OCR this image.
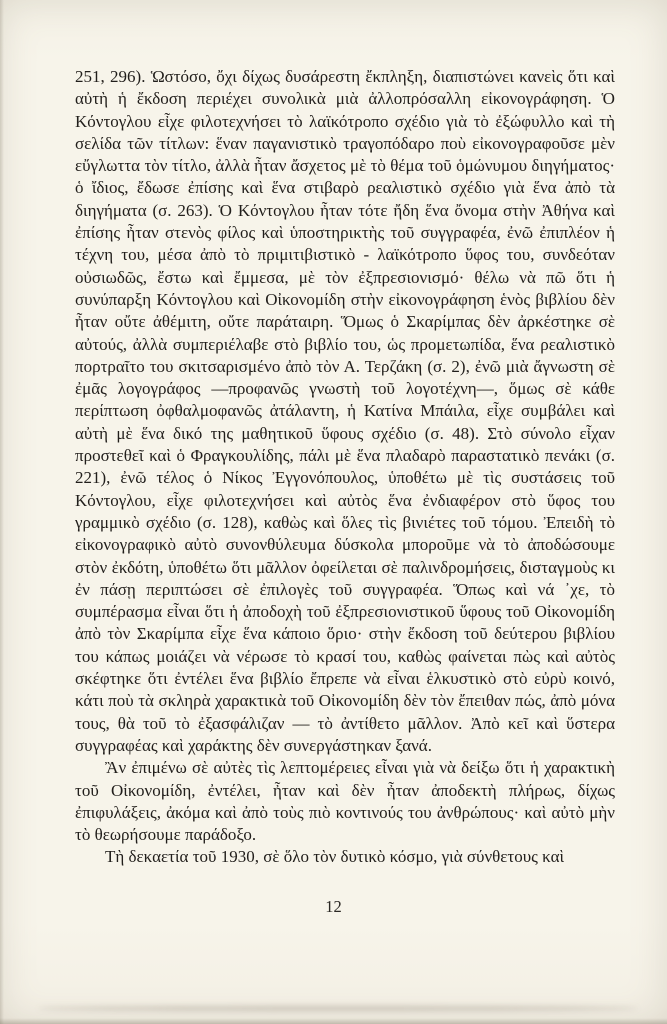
251, 296). Ὡστόσο, ὄχι δίχως δυσάρεστη ἔκπληξη, διαπιστώνει κανεὶς ὅτι καὶ αὐτὴ ἡ ἔκδοση περιέχει συνολικὰ μιὰ ἀλλοπρόσαλλη εἰκονογράφηση. Ὁ Κόντογλου εἶχε φιλοτεχνήσει τὸ λαϊκότροπο σχέδιο γιὰ τὸ ἐξώφυλλο καὶ τὴ σελίδα τῶν τίτλων: ἕναν παγανιστικὸ τραγοπόδαρο ποὺ εἰκονογραφοῦσε μὲν εὔγλωττα τὸν τίτλο, ἀλλὰ ἦταν ἄσχετος μὲ τὸ θέμα τοῦ ὁμώνυμου διηγήματος· ὁ ἴδιος, ἔδωσε ἐπίσης καὶ ἕνα στιβαρὸ ρεαλιστικὸ σχέδιο γιὰ ἕνα ἀπὸ τὰ διηγήματα (σ. 263). Ὁ Κόντογλου ἦταν τότε ἤδη ἕνα ὄνομα στὴν Ἀθήνα καὶ ἐπίσης ἦταν στενὸς φίλος καὶ ὑποστηρικτὴς τοῦ συγγραφέα, ἐνῶ ἐπιπλέον ἡ τέχνη του, μέσα ἀπὸ τὸ πριμιτιβιστικὸ - λαϊκότροπο ὕφος του, συνδεόταν οὐσιωδῶς, ἔστω καὶ ἔμμεσα, μὲ τὸν ἐξπρεσιονισμό· θέλω νὰ πῶ ὅτι ἡ συνύπαρξη Κόντογλου καὶ Οἰκονομίδη στὴν εἰκονογράφηση ἑνὸς βιβλίου δὲν ἦταν οὔτε ἀθέμιτη, οὔτε παράταιρη. Ὅμως ὁ Σκαρίμπας δὲν ἀρκέστηκε σὲ αὐτούς, ἀλλὰ συμπεριέλαβε στὸ βιβλίο του, ὡς προμετωπίδα, ἕνα ρεαλιστικὸ πορτραῖτο του σκιτσαρισμένο ἀπὸ τὸν Α. Τερζάκη (σ. 2), ἐνῶ μιὰ ἄγνωστη σὲ ἐμᾶς λογογράφος —προφανῶς γνωστὴ τοῦ λογοτέχνη—, ὅμως σὲ κάθε περίπτωση ὀφθαλμοφανῶς ἀτάλαντη, ἡ Κατίνα Μπάιλα, εἶχε συμβάλει καὶ αὐτὴ μὲ ἕνα δικό της μαθητικοῦ ὕφους σχέδιο (σ. 48). Στὸ σύνολο εἶχαν προστεθεῖ καὶ ὁ Φραγκουλίδης, πάλι μὲ ἕνα πλαδαρὸ παραστατικὸ πενάκι (σ. 221), ἐνῶ τέλος ὁ Νίκος Ἐγγονόπουλος, ὑποθέτω μὲ τὶς συστάσεις τοῦ Κόντογλου, εἶχε φιλοτεχνήσει καὶ αὐτὸς ἕνα ἐνδιαφέρον στὸ ὕφος του γραμμικὸ σχέδιο (σ. 128), καθὼς καὶ ὅλες τὶς βινιέτες τοῦ τόμου. Ἐπειδὴ τὸ εἰκονογραφικὸ αὐτὸ συνονθύλευμα δύσκολα μποροῦμε νὰ τὸ ἀποδώσουμε στὸν ἐκδότη, ὑποθέτω ὅτι μᾶλλον ὀφείλεται σὲ παλινδρομήσεις, δισταγμοὺς κι ἐν πάσῃ περιπτώσει σὲ ἐπιλογὲς τοῦ συγγραφέα. Ὅπως καὶ νά ᾽χε, τὸ συμπέρασμα εἶναι ὅτι ἡ ἀποδοχὴ τοῦ ἐξπρεσιονιστικοῦ ὕφους τοῦ Οἰκονομίδη ἀπὸ τὸν Σκαρίμπα εἶχε ἕνα κάποιο ὅριο· στὴν ἔκδοση τοῦ δεύτερου βιβλίου του κάπως μοιάζει νὰ νέρωσε τὸ κρασί του, καθὼς φαίνεται πὼς καὶ αὐτὸς σκέφτηκε ὅτι ἐντέλει ἕνα βιβλίο ἔπρεπε νὰ εἶναι ἑλκυστικὸ στὸ εὐρὺ κοινό, κάτι ποὺ τὰ σκληρὰ χαρακτικὰ τοῦ Οἰκονομίδη δὲν τὸν ἔπειθαν πώς, ἀπὸ μόνα τους, θὰ τοῦ τὸ ἐξασφάλιζαν — τὸ ἀντίθετο μᾶλλον. Ἀπὸ κεῖ καὶ ὕστερα συγγραφέας καὶ χαράκτης δὲν συνεργάστηκαν ξανά.

Ἂν ἐπιμένω σὲ αὐτὲς τὶς λεπτομέρειες εἶναι γιὰ νὰ δείξω ὅτι ἡ χαρακτικὴ τοῦ Οἰκονομίδη, ἐντέλει, ἦταν καὶ δὲν ἦταν ἀποδεκτὴ πλήρως, δίχως ἐπιφυλάξεις, ἀκόμα καὶ ἀπὸ τοὺς πιὸ κοντινούς του ἀνθρώπους· καὶ αὐτὸ μὴν τὸ θεωρήσουμε παράδοξο.

Τὴ δεκαετία τοῦ 1930, σὲ ὅλο τὸν δυτικὸ κόσμο, γιὰ σύνθετους καὶ

12
